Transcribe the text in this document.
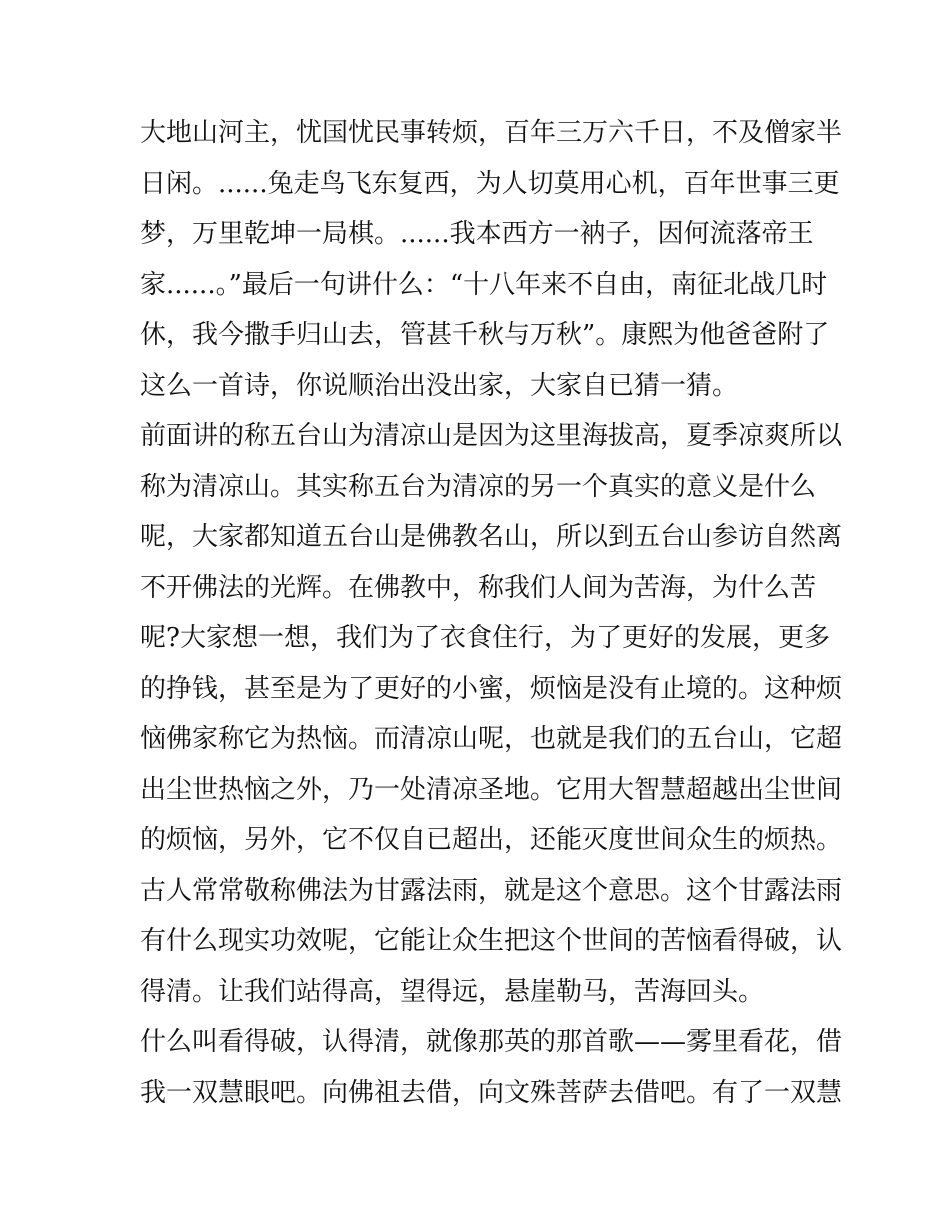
大地山河主，忧国忧民事转烦，百年三万六千日，不及僧家半
日闲。......兔走鸟飞东复西，为人切莫用心机，百年世事三更
梦，万里乾坤一局棋。......我本西方一衲子，因何流落帝王
家......。”最后一句讲什么：“十八年来不自由，南征北战几时
休，我今撒手归山去，管甚千秋与万秋”。康熙为他爸爸附了
这么一首诗，你说顺治出没出家，大家自已猜一猜。
前面讲的称五台山为清凉山是因为这里海拔高，夏季凉爽所以
称为清凉山。其实称五台为清凉的另一个真实的意义是什么
呢，大家都知道五台山是佛教名山，所以到五台山参访自然离
不开佛法的光辉。在佛教中，称我们人间为苦海，为什么苦
呢?大家想一想，我们为了衣食住行，为了更好的发展，更多
的挣钱，甚至是为了更好的小蜜，烦恼是没有止境的。这种烦
恼佛家称它为热恼。而清凉山呢，也就是我们的五台山，它超
出尘世热恼之外，乃一处清凉圣地。它用大智慧超越出尘世间
的烦恼，另外，它不仅自已超出，还能灭度世间众生的烦热。
古人常常敬称佛法为甘露法雨，就是这个意思。这个甘露法雨
有什么现实功效呢，它能让众生把这个世间的苦恼看得破，认
得清。让我们站得高，望得远，悬崖勒马，苦海回头。
什么叫看得破，认得清，就像那英的那首歌——雾里看花，借
我一双慧眼吧。向佛祖去借，向文殊菩萨去借吧。有了一双慧
